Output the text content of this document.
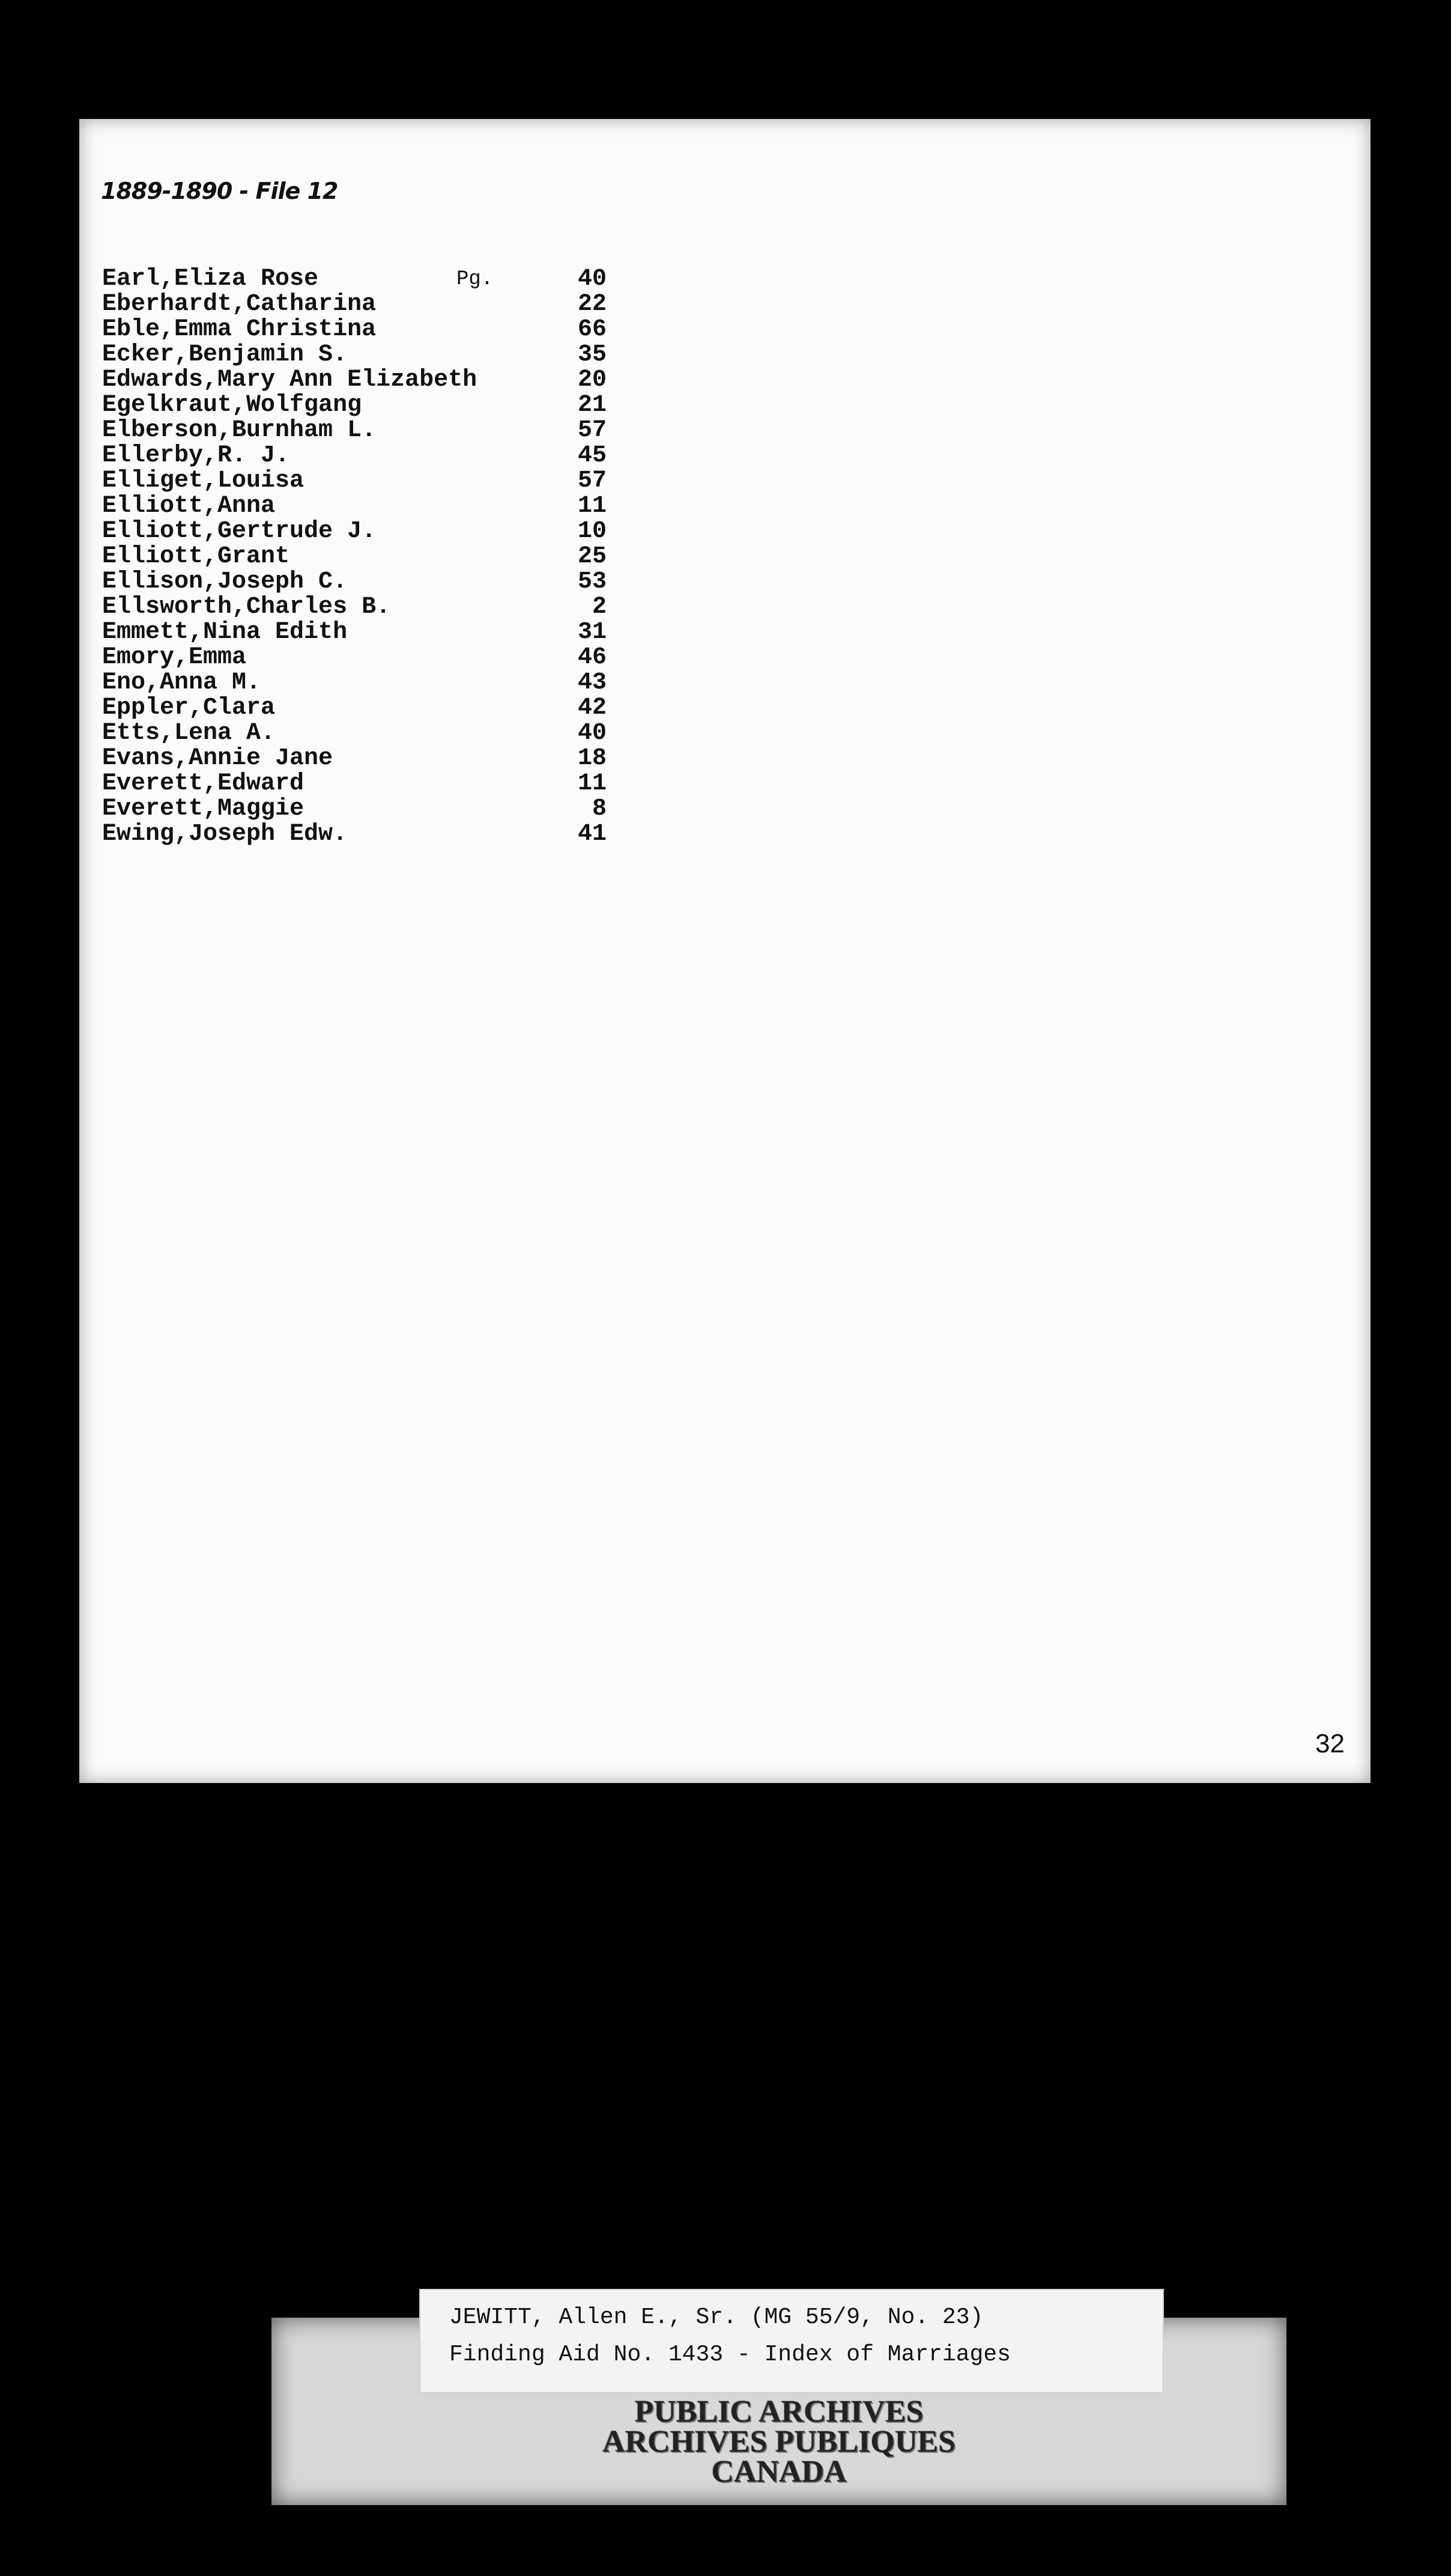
1889-1890 - File 12
Earl,Eliza Rose	Pg.	40
Eberhardt,Catharina	22
Eble,Emma Christina	66
Ecker,Benjamin S.	35
Edwards,Mary Ann Elizabeth	20
Egelkraut,Wolfgang	21
Elberson,Burnham L.	57
Ellerby,R. J.	45
Elliget,Louisa	57
Elliott,Anna	11
Elliott,Gertrude J.	10
Elliott,Grant	25
Ellison,Joseph C.	53
Ellsworth,Charles B.	2
Emmett,Nina Edith	31
Emory,Emma	46
Eno,Anna M.	43
Eppler,Clara	42
Etts,Lena A.	40
Evans,Annie Jane	18
Everett,Edward	11
Everett,Maggie	8
Ewing,Joseph Edw.	41
32
JEWITT, Allen E., Sr. (MG 55/9, No. 23)
Finding Aid No. 1433 - Index of Marriages
PUBLIC ARCHIVES
ARCHIVES PUBLIQUES
CANADA
